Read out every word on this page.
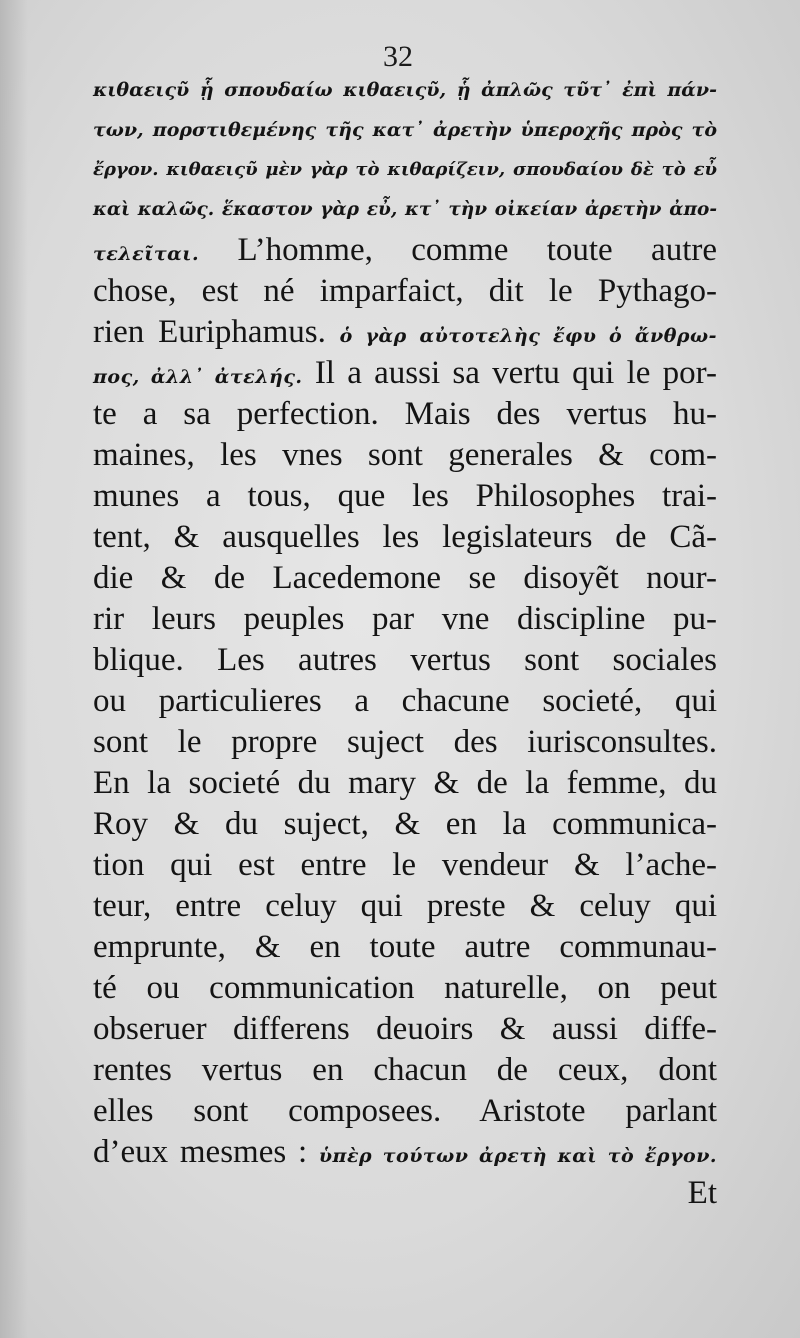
32
κιθαειςῦ ᾗ σπουδαίω κιθαειςῦ, ᾗ ἀπλῶς τῦτ᾽ ἐπὶ πάν-
των, πορστιθεμένης τῆς κατ᾽ ἀρετὴν ὑπεροχῆς πρὸς τὸ
ἔργον. κιθαειςῦ μὲν γὰρ τὸ κιθαρίζειν, σπουδαίου δὲ τὸ εὖ
καὶ καλῶς. ἕκαστον γὰρ εὖ, κτ᾽ τὴν οἰκείαν ἀρετὴν ἀπο-
τελεῖται. L’homme, comme toute autre
chose, est né imparfaict, dit le Pythago-
rien Euriphamus. ὁ γὰρ αὐτοτελὴς ἔφυ ὁ ἄνθρω-
πος, ἀλλ᾽ ἀτελής. Il a aussi sa vertu qui le por-
te a sa perfection. Mais des vertus hu-
maines, les vnes sont generales & com-
munes a tous, que les Philosophes trai-
tent, & ausquelles les legislateurs de Cã-
die & de Lacedemone se disoyẽt nour-
rir leurs peuples par vne discipline pu-
blique. Les autres vertus sont sociales
ou particulieres a chacune societé, qui
sont le propre suject des iurisconsultes.
En la societé du mary & de la femme, du
Roy & du suject, & en la communica-
tion qui est entre le vendeur & l’ache-
teur, entre celuy qui preste & celuy qui
emprunte, & en toute autre communau-
té ou communication naturelle, on peut
obseruer differens deuoirs & aussi diffe-
rentes vertus en chacun de ceux, dont
elles sont composees. Aristote parlant
d’eux mesmes : ὑπὲρ τούτων ἀρετὴ καὶ τὸ ἔργον.
Et
